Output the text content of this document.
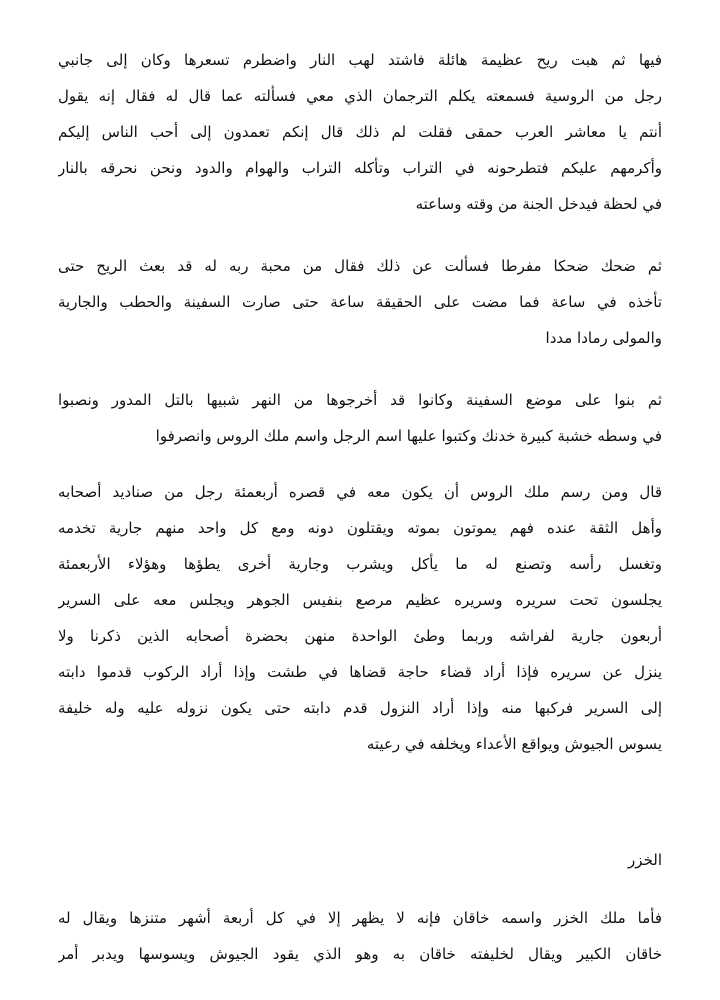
فيها ثم هبت ريح عظيمة هائلة فاشتد لهب النار واضطرم تسعرها وكان إلى جانبي
رجل من الروسية فسمعته يكلم الترجمان الذي معي فسألته عما قال له فقال إنه يقول
أنتم يا معاشر العرب حمقى فقلت لم ذلك قال إنكم تعمدون إلى أحب الناس إليكم
وأكرمهم عليكم فتطرحونه في التراب وتأكله التراب والهوام والدود ونحن نحرقه بالنار
في لحظة فيدخل الجنة من وقته وساعته

ثم ضحك ضحكا مفرطا فسألت عن ذلك فقال من محبة ربه له قد بعث الريح حتى
تأخذه في ساعة فما مضت على الحقيقة ساعة حتى صارت السفينة والحطب والجارية
والمولى رمادا مددا

ثم بنوا على موضع السفينة وكانوا قد أخرجوها من النهر شبيها بالتل المدور ونصبوا
في وسطه خشبة كبيرة خدنك وكتبوا عليها اسم الرجل واسم ملك الروس وانصرفوا

قال ومن رسم ملك الروس أن يكون معه في قصره أربعمئة رجل من صناديد أصحابه
وأهل الثقة عنده فهم يموتون بموته ويقتلون دونه ومع كل واحد منهم جارية تخدمه
وتغسل رأسه وتصنع له ما يأكل ويشرب وجارية أخرى يطؤها وهؤلاء الأربعمئة
يجلسون تحت سريره وسريره عظيم مرصع بنفيس الجوهر ويجلس معه على السرير
أربعون جارية لفراشه وربما وطئ الواحدة منهن بحضرة أصحابه الذين ذكرنا ولا
ينزل عن سريره فإذا أراد قضاء حاجة قضاها في طشت وإذا أراد الركوب قدموا دابته
إلى السرير فركبها منه وإذا أراد النزول قدم دابته حتى يكون نزوله عليه وله خليفة
يسوس الجيوش ويواقع الأعداء ويخلفه في رعيته

الخزر

فأما ملك الخزر واسمه خاقان فإنه لا يظهر إلا في كل أربعة أشهر متنزها ويقال له
خاقان الكبير ويقال لخليفته خاقان به وهو الذي يقود الجيوش ويسوسها ويدبر أمر
